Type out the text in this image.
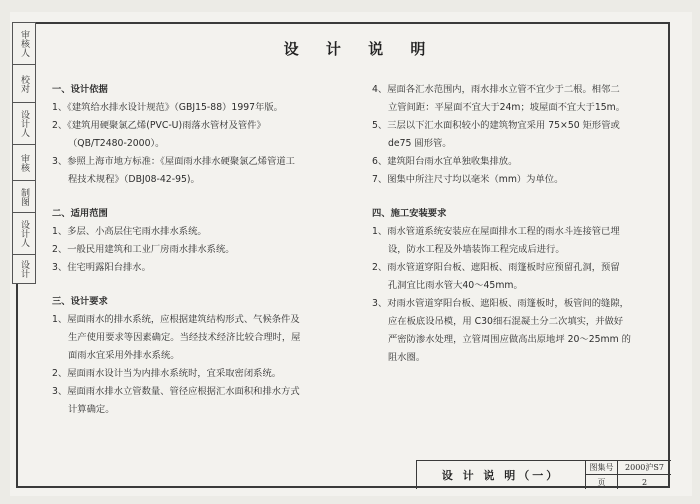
审核人
校对
设计人
审核
制图
设计人
设计
设 计 说 明
一、设计依据
1、《建筑给水排水设计规范》（GBJ15-88）1997年版。
2、《建筑用硬聚氯乙烯(PVC-U)雨落水管材及管件》
（QB/T2480-2000）。
3、参照上海市地方标准：《屋面雨水排水硬聚氯乙烯管道工
程技术规程》（DBJ08-42-95)。
二、适用范围
1、多层、小高层住宅雨水排水系统。
2、一般民用建筑和工业厂房雨水排水系统。
3、住宅明露阳台排水。
三、设计要求
1、屋面雨水的排水系统，应根据建筑结构形式、气候条件及
生产使用要求等因素确定。当经技术经济比较合理时，屋
面雨水宜采用外排水系统。
2、屋面雨水设计当为内排水系统时，宜采取密闭系统。
3、屋面雨水排水立管数量、管径应根据汇水面积和排水方式
计算确定。
4、屋面各汇水范围内，雨水排水立管不宜少于二根。相邻二
立管间距：平屋面不宜大于24m；坡屋面不宜大于15m。
5、三层以下汇水面积较小的建筑物宜采用 75×50 矩形管或
de75 圆形管。
6、建筑阳台雨水宜单独收集排放。
7、图集中所注尺寸均以毫米（mm）为单位。
四、施工安装要求
1、雨水管道系统安装应在屋面排水工程的雨水斗连接管已埋
设，防水工程及外墙装饰工程完成后进行。
2、雨水管道穿阳台板、遮阳板、雨篷板时应预留孔洞，预留
孔洞宜比雨水管大40～45mm。
3、对雨水管道穿阳台板、遮阳板、雨篷板时，板管间的缝隙，
应在板底设吊模，用 C30细石混凝土分二次填实，并做好
严密防渗水处理，立管周围应做高出原地坪 20～25mm 的
阻水圈。
设 计 说 明（一）
图集号	2000沪S7
页	2
